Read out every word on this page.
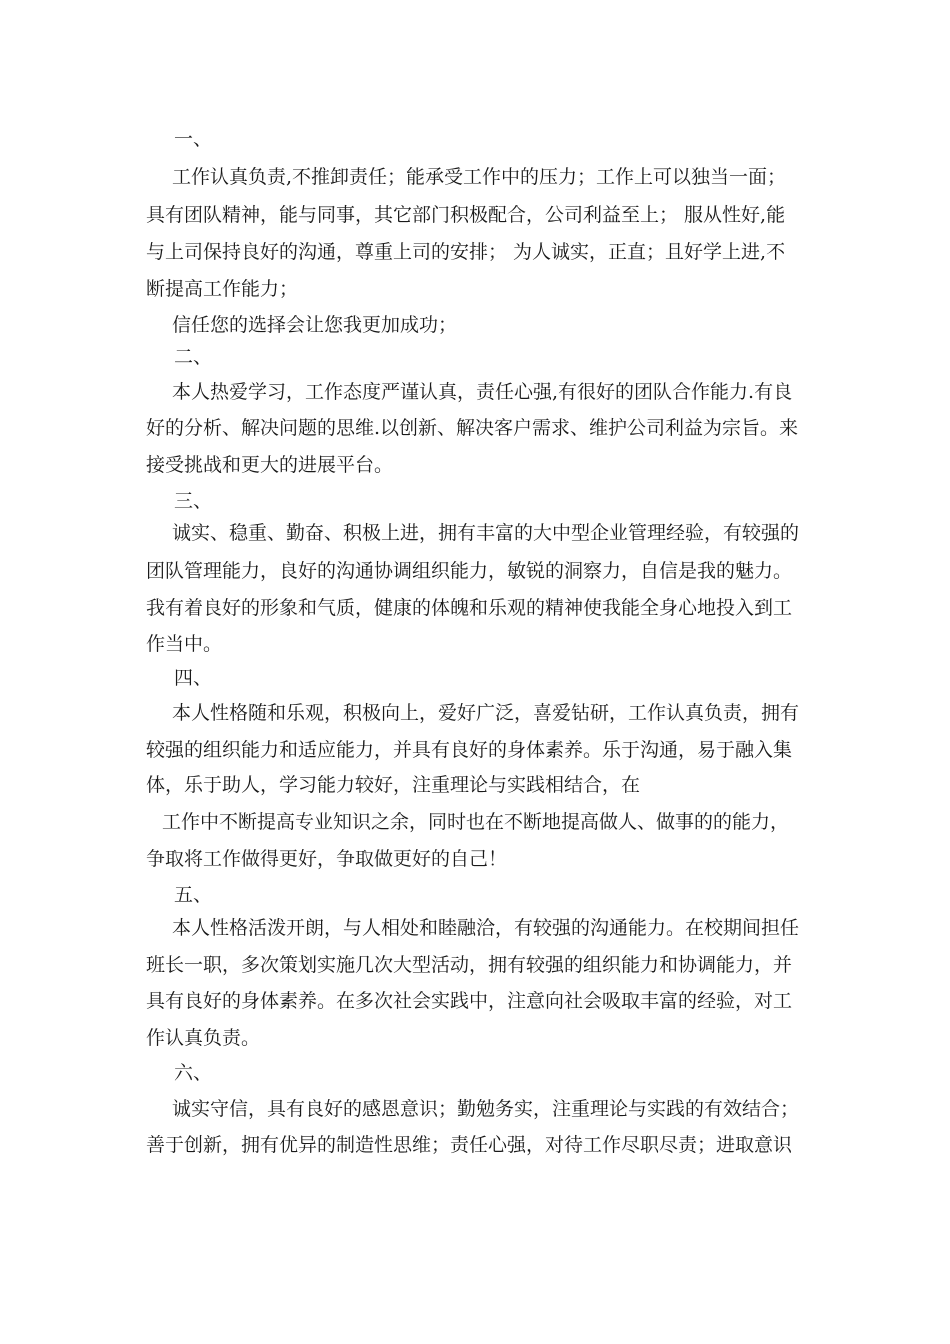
一、
工作认真负责,不推卸责任；能承受工作中的压力；工作上可以独当一面；
具有团队精神，能与同事，其它部门积极配合，公司利益至上； 服从性好,能
与上司保持良好的沟通，尊重上司的安排； 为人诚实，正直；且好学上进,不
断提高工作能力；
信任您的选择会让您我更加成功；
二、
本人热爱学习，工作态度严谨认真，责任心强,有很好的团队合作能力.有良
好的分析、解决问题的思维.以创新、解决客户需求、维护公司利益为宗旨。来
接受挑战和更大的进展平台。
三、
诚实、稳重、勤奋、积极上进，拥有丰富的大中型企业管理经验，有较强的
团队管理能力，良好的沟通协调组织能力，敏锐的洞察力，自信是我的魅力。
我有着良好的形象和气质，健康的体魄和乐观的精神使我能全身心地投入到工
作当中。
四、
本人性格随和乐观，积极向上，爱好广泛，喜爱钻研，工作认真负责，拥有
较强的组织能力和适应能力，并具有良好的身体素养。乐于沟通，易于融入集
体，乐于助人，学习能力较好，注重理论与实践相结合，在
工作中不断提高专业知识之余，同时也在不断地提高做人、做事的的能力，
争取将工作做得更好，争取做更好的自己！
五、
本人性格活泼开朗，与人相处和睦融洽，有较强的沟通能力。在校期间担任
班长一职，多次策划实施几次大型活动，拥有较强的组织能力和协调能力，并
具有良好的身体素养。在多次社会实践中，注意向社会吸取丰富的经验，对工
作认真负责。
六、
诚实守信，具有良好的感恩意识；勤勉务实，注重理论与实践的有效结合；
善于创新，拥有优异的制造性思维；责任心强，对待工作尽职尽责；进取意识
